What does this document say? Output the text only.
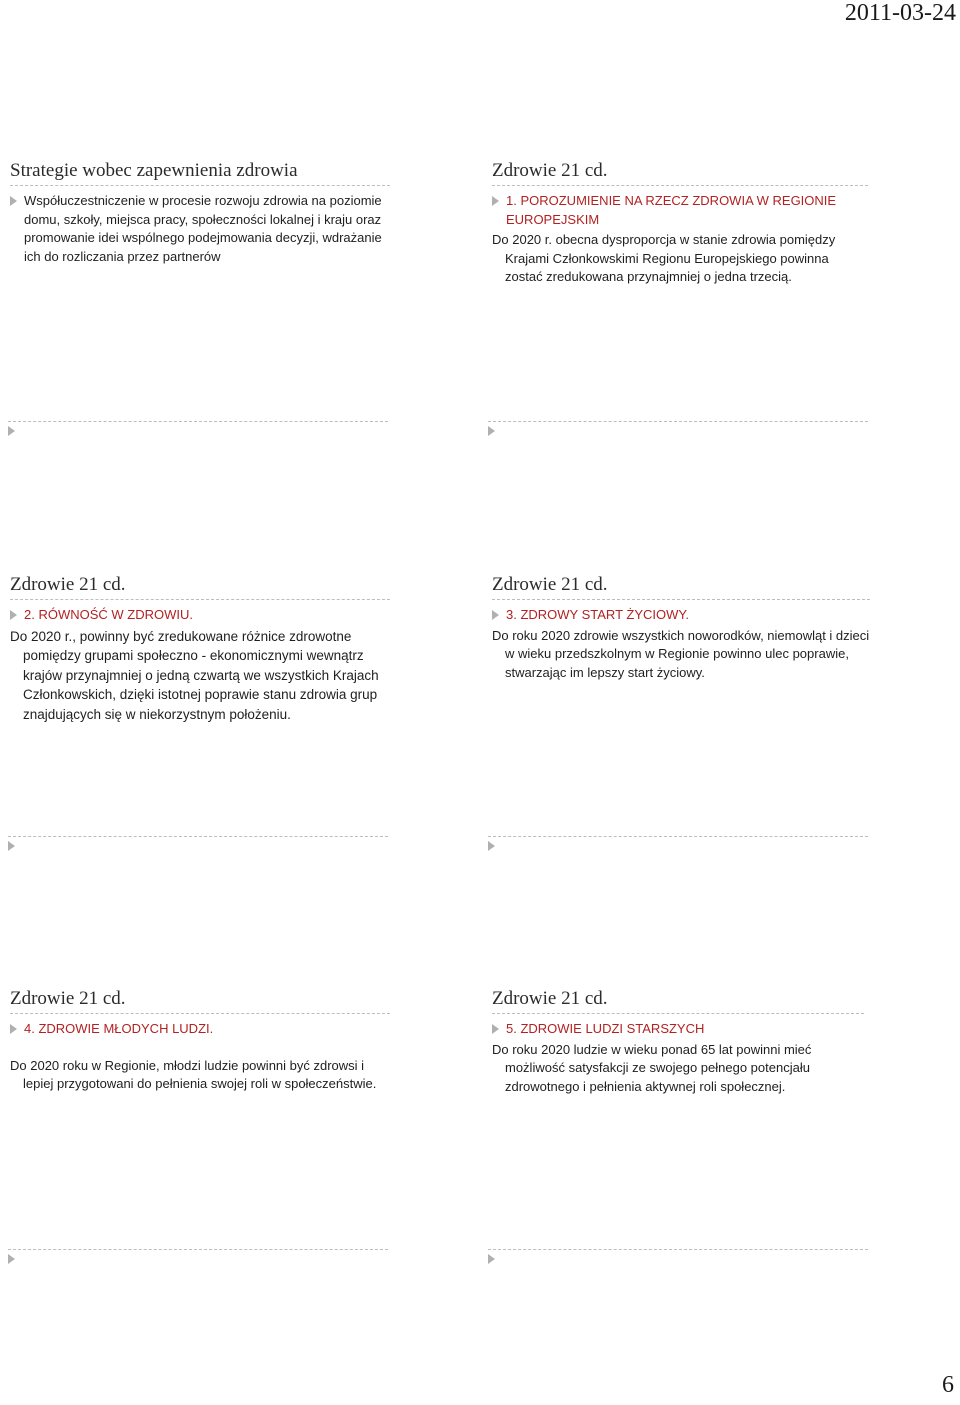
2011-03-24
Strategie wobec zapewnienia zdrowia
Współuczestniczenie w procesie rozwoju zdrowia na poziomie domu, szkoły, miejsca pracy, społeczności lokalnej i kraju oraz promowanie idei wspólnego podejmowania decyzji, wdrażanie ich do rozliczania przez partnerów
Zdrowie 21 cd.
1. POROZUMIENIE NA RZECZ ZDROWIA W REGIONIE EUROPEJSKIM
Do 2020 r. obecna dysproporcja w stanie zdrowia pomiędzy Krajami Członkowskimi Regionu Europejskiego powinna zostać zredukowana przynajmniej o jedna trzecią.
Zdrowie 21 cd.
2. RÓWNOŚĆ W ZDROWIU.
Do 2020 r., powinny być zredukowane różnice zdrowotne pomiędzy grupami społeczno - ekonomicznymi wewnątrz krajów przynajmniej o jedną czwartą we wszystkich Krajach Członkowskich, dzięki istotnej poprawie stanu zdrowia grup znajdujących się w niekorzystnym położeniu.
Zdrowie 21 cd.
3. ZDROWY START ŻYCIOWY.
Do roku 2020 zdrowie wszystkich noworodków, niemowląt i dzieci w wieku przedszkolnym w Regionie powinno ulec poprawie, stwarzając im lepszy start życiowy.
Zdrowie 21 cd.
4. ZDROWIE MŁODYCH LUDZI.
Do 2020 roku w Regionie, młodzi ludzie powinni być zdrowsi i lepiej przygotowani do pełnienia swojej roli w społeczeństwie.
Zdrowie 21 cd.
5. ZDROWIE LUDZI STARSZYCH
Do roku 2020 ludzie w wieku ponad 65 lat powinni mieć możliwość satysfakcji ze swojego pełnego potencjału zdrowotnego i pełnienia aktywnej roli społecznej.
6
